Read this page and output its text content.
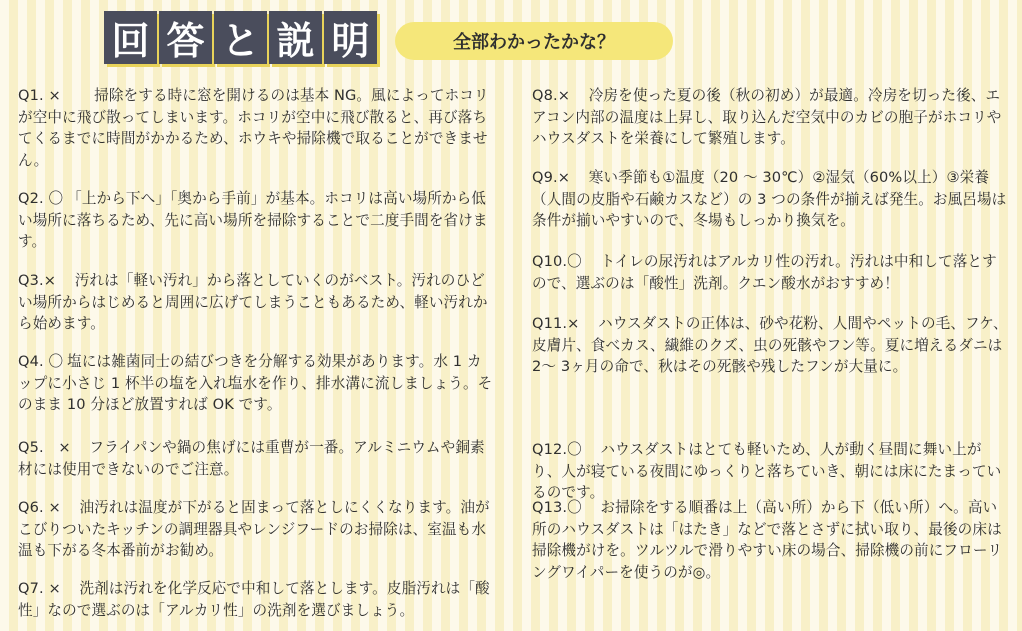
回 答 と 説 明	全部わかったかな？

Q1. ×　　掃除をする時に窓を開けるのは基本 NG。風によってホコリが空中に飛び散ってしまいます。ホコリが空中に飛び散ると、再び落ちてくるまでに時間がかかるため、ホウキや掃除機で取ることができません。

Q2. 〇 「上から下へ」「奥から手前」が基本。ホコリは高い場所から低い場所に落ちるため、先に高い場所を掃除することで二度手間を省けます。

Q3.×　汚れは「軽い汚れ」から落としていくのがベスト。汚れのひどい場所からはじめると周囲に広げてしまうこともあるため、軽い汚れから始めます。

Q4. 〇 塩には雑菌同士の結びつきを分解する効果があります。水 1 カップに小さじ 1 杯半の塩を入れ塩水を作り、排水溝に流しましょう。そのまま 10 分ほど放置すれば OK です。

Q5.　×　フライパンや鍋の焦げには重曹が一番。アルミニウムや銅素材には使用できないのでご注意。

Q6. ×　油汚れは温度が下がると固まって落としにくくなります。油がこびりついたキッチンの調理器具やレンジフードのお掃除は、室温も水温も下がる冬本番前がお勧め。

Q7. ×　洗剤は汚れを化学反応で中和して落とします。皮脂汚れは「酸性」なので選ぶのは「アルカリ性」の洗剤を選びましょう。

Q8.×　冷房を使った夏の後（秋の初め）が最適。冷房を切った後、エアコン内部の温度は上昇し、取り込んだ空気中のカビの胞子がホコリやハウスダストを栄養にして繁殖します。

Q9.×　寒い季節も①温度（20 〜 30℃）②湿気（60%以上）③栄養（人間の皮脂や石鹸カスなど）の 3 つの条件が揃えば発生。お風呂場は条件が揃いやすいので、冬場もしっかり換気を。

Q10.〇　トイレの尿汚れはアルカリ性の汚れ。汚れは中和して落とすので、選ぶのは「酸性」洗剤。クエン酸水がおすすめ！

Q11.×　ハウスダストの正体は、砂や花粉、人間やペットの毛、フケ、皮膚片、食べカス、繊維のクズ、虫の死骸やフン等。夏に増えるダニは 2〜 3ヶ月の命で、秋はその死骸や残したフンが大量に。

Q12.〇　ハウスダストはとても軽いため、人が動く昼間に舞い上がり、人が寝ている夜間にゆっくりと落ちていき、朝には床にたまっているのです。

Q13.〇　お掃除をする順番は上（高い所）から下（低い所）へ。高い所のハウスダストは「はたき」などで落とさずに拭い取り、最後の床は掃除機がけを。ツルツルで滑りやすい床の場合、掃除機の前にフローリングワイパーを使うのが◎。
